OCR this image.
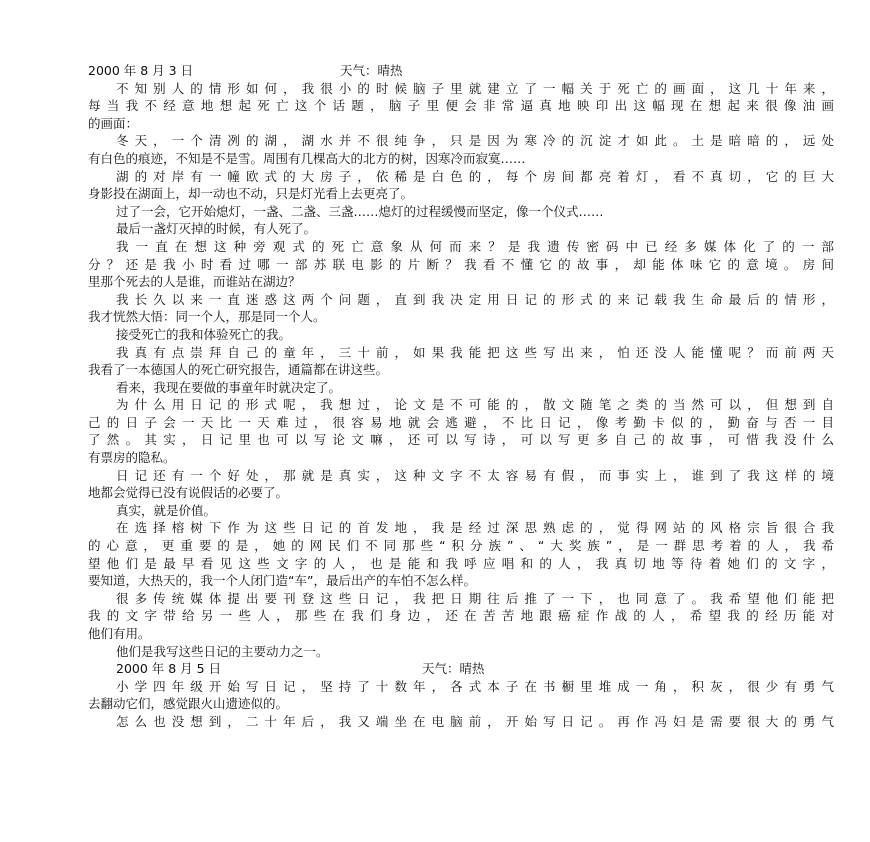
2000 年 8 月 3 日	天气：晴热
不知别人的情形如何，我很小的时候脑子里就建立了一幅关于死亡的画面，这几十年来，
每当我不经意地想起死亡这个话题，脑子里便会非常逼真地映印出这幅现在想起来很像油画
的画面：
冬天，一个清冽的湖，湖水并不很纯争，只是因为寒冷的沉淀才如此。土是暗暗的，远处
有白色的痕迹，不知是不是雪。周围有几棵高大的北方的树，因寒冷而寂寞……
湖的对岸有一幢欧式的大房子，依稀是白色的，每个房间都亮着灯，看不真切，它的巨大
身影投在湖面上，却一动也不动，只是灯光看上去更亮了。
过了一会，它开始熄灯，一盏、二盏、三盏……熄灯的过程缓慢而坚定，像一个仪式……
最后一盏灯灭掉的时候，有人死了。
我一直在想这种旁观式的死亡意象从何而来？是我遗传密码中已经多媒体化了的一部
分？还是我小时看过哪一部苏联电影的片断？我看不懂它的故事，却能体味它的意境。房间
里那个死去的人是谁，而谁站在湖边？
我长久以来一直迷惑这两个问题，直到我决定用日记的形式的来记载我生命最后的情形，
我才恍然大悟：同一个人，那是同一个人。
接受死亡的我和体验死亡的我。
我真有点崇拜自己的童年，三十前，如果我能把这些写出来，怕还没人能懂呢？而前两天
我看了一本德国人的死亡研究报告，通篇都在讲这些。
看来，我现在要做的事童年时就决定了。
为什么用日记的形式呢，我想过，论文是不可能的，散文随笔之类的当然可以，但想到自
己的日子会一天比一天难过，很容易地就会逃避，不比日记，像考勤卡似的，勤奋与否一目
了然。其实，日记里也可以写论文嘛，还可以写诗，可以写更多自己的故事，可惜我没什么
有票房的隐私。
日记还有一个好处，那就是真实，这种文字不太容易有假，而事实上，谁到了我这样的境
地都会觉得已没有说假话的必要了。
真实，就是价值。
在选择榕树下作为这些日记的首发地，我是经过深思熟虑的，觉得网站的风格宗旨很合我
的心意，更重要的是，她的网民们不同那些“积分族”、“大奖族”，是一群思考着的人，我希
望他们是最早看见这些文字的人，也是能和我呼应唱和的人，我真切地等待着她们的文字，
要知道，大热天的，我一个人闭门造“车”，最后出产的车怕不怎么样。
很多传统媒体提出要刊登这些日记，我把日期往后推了一下，也同意了。我希望他们能把
我的文字带给另一些人，那些在我们身边，还在苦苦地跟癌症作战的人，希望我的经历能对
他们有用。
他们是我写这些日记的主要动力之一。
2000 年 8 月 5 日	天气：晴热
小学四年级开始写日记，坚持了十数年，各式本子在书橱里堆成一角，积灰，很少有勇气
去翻动它们，感觉跟火山遗迹似的。
怎么也没想到，二十年后，我又端坐在电脑前，开始写日记。再作冯妇是需要很大的勇气
